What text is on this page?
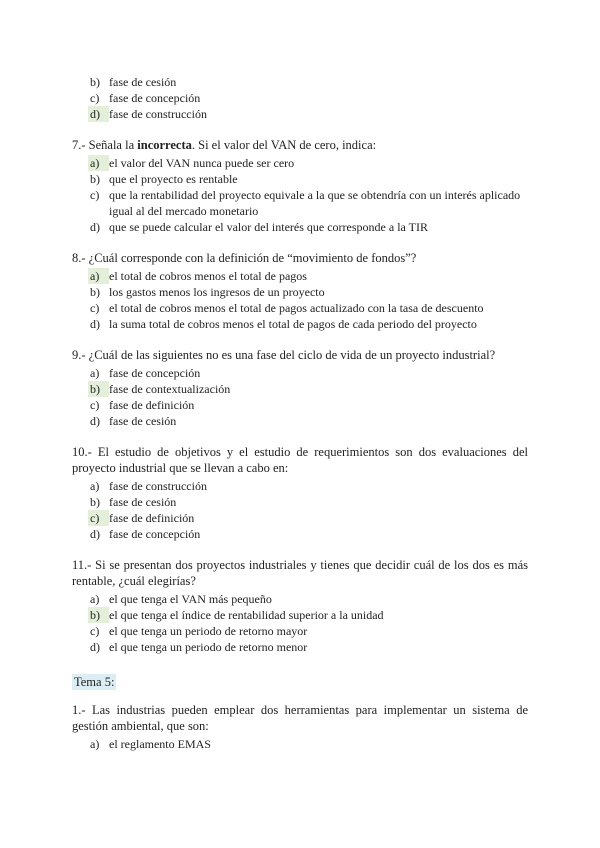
b) fase de cesión
c) fase de concepción
d) fase de construcción

7.- Señala la incorrecta. Si el valor del VAN de cero, indica:

a) el valor del VAN nunca puede ser cero
b) que el proyecto es rentable
c) que la rentabilidad del proyecto equivale a la que se obtendría con un interés aplicado igual al del mercado monetario
d) que se puede calcular el valor del interés que corresponde a la TIR

8.- ¿Cuál corresponde con la definición de “movimiento de fondos”?

a) el total de cobros menos el total de pagos
b) los gastos menos los ingresos de un proyecto
c) el total de cobros menos el total de pagos actualizado con la tasa de descuento
d) la suma total de cobros menos el total de pagos de cada periodo del proyecto

9.- ¿Cuál de las siguientes no es una fase del ciclo de vida de un proyecto industrial?

a) fase de concepción
b) fase de contextualización
c) fase de definición
d) fase de cesión

10.- El estudio de objetivos y el estudio de requerimientos son dos evaluaciones del proyecto industrial que se llevan a cabo en:

a) fase de construcción
b) fase de cesión
c) fase de definición
d) fase de concepción

11.- Si se presentan dos proyectos industriales y tienes que decidir cuál de los dos es más rentable, ¿cuál elegirías?

a) el que tenga el VAN más pequeño
b) el que tenga el índice de rentabilidad superior a la unidad
c) el que tenga un periodo de retorno mayor
d) el que tenga un periodo de retorno menor
Tema 5:

1.- Las industrias pueden emplear dos herramientas para implementar un sistema de gestión ambiental, que son:

a) el reglamento EMAS
